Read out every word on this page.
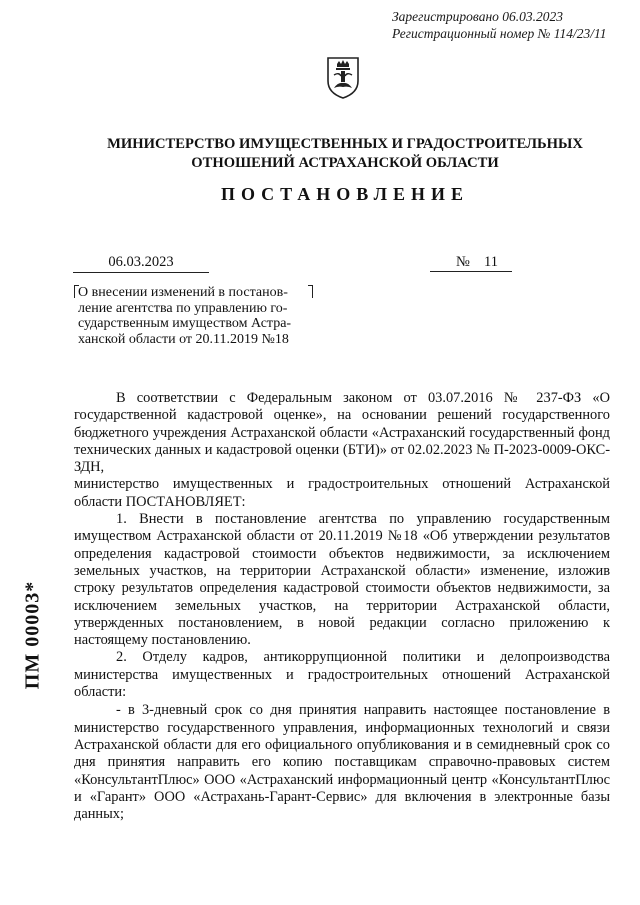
Зарегистрировано 06.03.2023
Регистрационный номер № 114/23/11
МИНИСТЕРСТВО ИМУЩЕСТВЕННЫХ И ГРАДОСТРОИТЕЛЬНЫХ
ОТНОШЕНИЙ АСТРАХАНСКОЙ ОБЛАСТИ
ПОСТАНОВЛЕНИЕ
06.03.2023	№ 11
О внесении изменений в постанов-
ление агентства по управлению го-
сударственным имуществом Астра-
ханской области от 20.11.2019 №18

В соответствии с Федеральным законом от 03.07.2016 № 237-ФЗ «О государственной кадастровой оценке», на основании решений государственного бюджетного учреждения Астраханской области «Астраханский государственный фонд технических данных и кадастровой оценки (БТИ)» от 02.02.2023 № П-2023-0009-ОКС-ЗДН,

министерство имущественных и градостроительных отношений Астраханской области ПОСТАНОВЛЯЕТ:

1. Внести в постановление агентства по управлению государственным имуществом Астраханской области от 20.11.2019 №18 «Об утверждении результатов определения кадастровой стоимости объектов недвижимости, за исключением земельных участков, на территории Астраханской области» изменение, изложив строку результатов определения кадастровой стоимости объектов недвижимости, за исключением земельных участков, на территории Астраханской области, утвержденных постановлением, в новой редакции согласно приложению к настоящему постановлению.

2. Отделу кадров, антикоррупционной политики и делопроизводства министерства имущественных и градостроительных отношений Астраханской области:

- в 3-дневный срок со дня принятия направить настоящее постановление в министерство государственного управления, информационных технологий и связи Астраханской области для его официального опубликования и в семидневный срок со дня принятия направить его копию поставщикам справочно-правовых систем «КонсультантПлюс» ООО «Астраханский информационный центр «КонсультантПлюс и «Гарант» ООО «Астрахань-Гарант-Сервис» для включения в электронные базы данных;

ПМ 00003*
